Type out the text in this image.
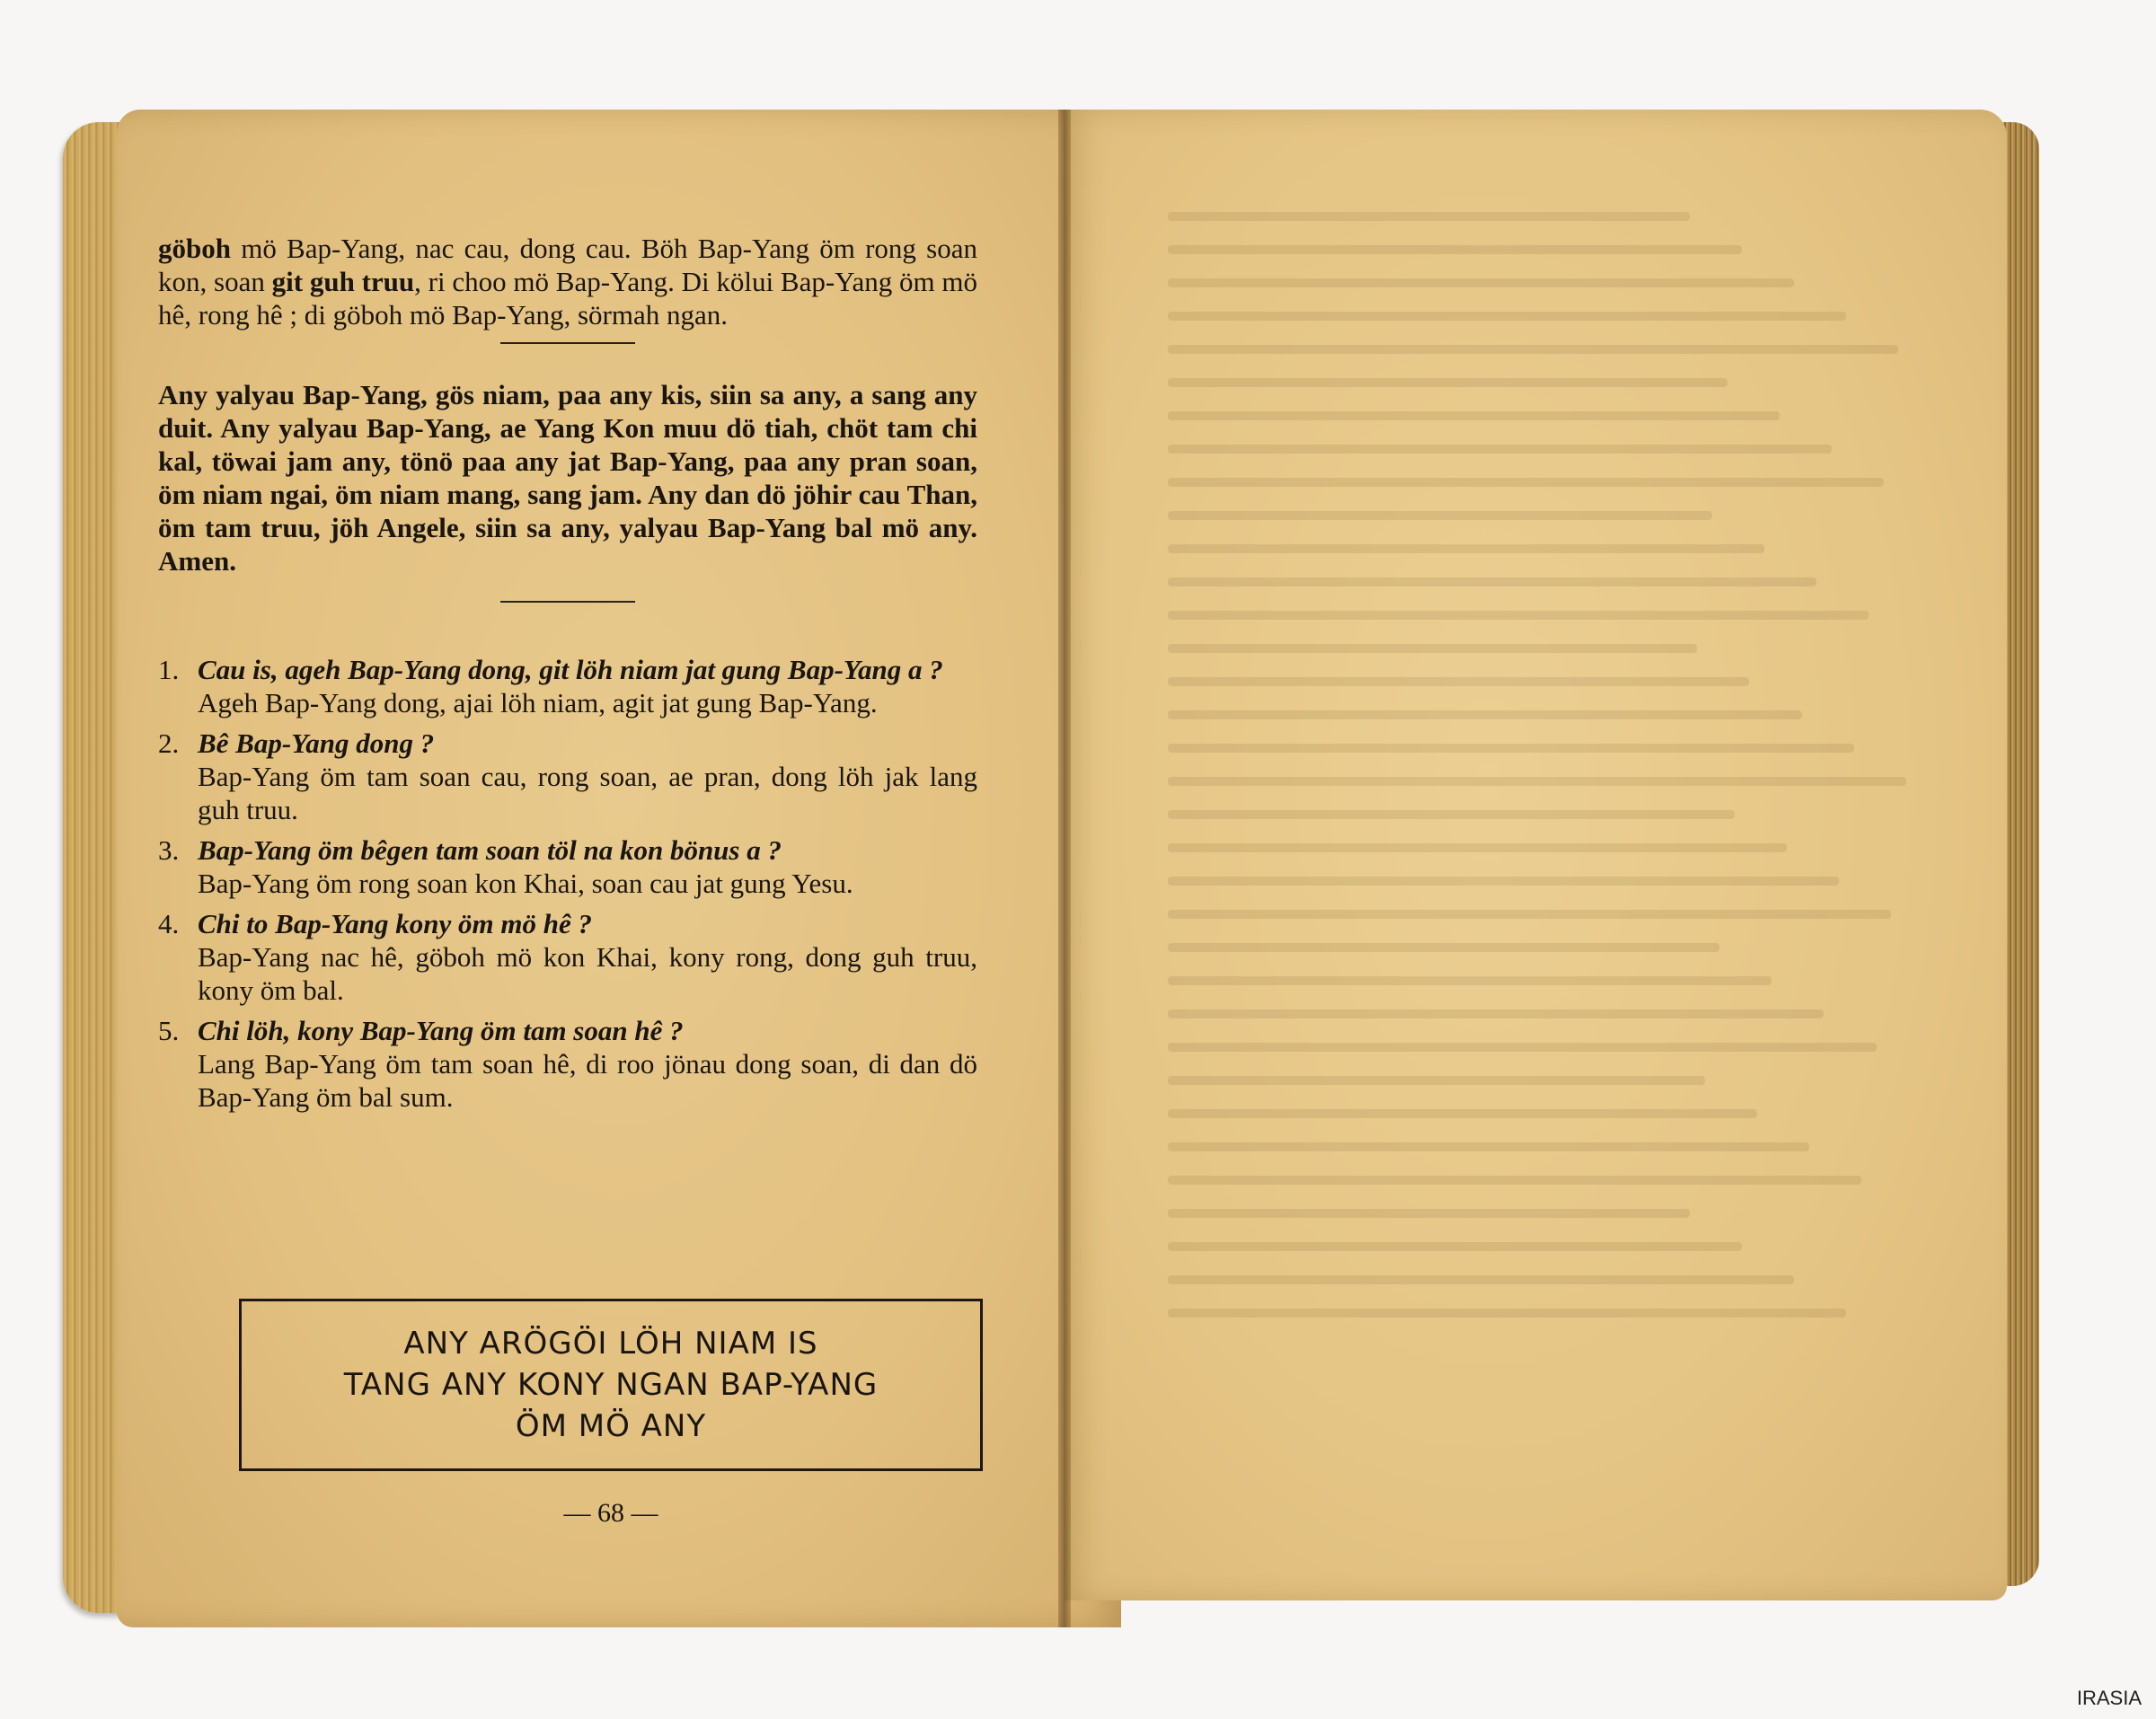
göboh mö Bap-Yang, nac cau, dong cau. Böh Bap-Yang öm rong soan kon, soan git guh truu, ri choo mö Bap-Yang. Di kölui Bap-Yang öm mö hê, rong hê ; di göboh mö Bap-Yang, sörmah ngan.

Any yalyau Bap-Yang, gös niam, paa any kis, siin sa any, a sang any duit. Any yalyau Bap-Yang, ae Yang Kon muu dö tiah, chöt tam chi kal, töwai jam any, tönö paa any jat Bap-Yang, paa any pran soan, öm niam ngai, öm niam mang, sang jam. Any dan dö jöhir cau Than, öm tam truu, jöh Angele, siin sa any, yalyau Bap-Yang bal mö any. Amen.

1. Cau is, ageh Bap-Yang dong, git löh niam jat gung Bap-Yang a ?
Ageh Bap-Yang dong, ajai löh niam, agit jat gung Bap-Yang.
2. Bê Bap-Yang dong ?
Bap-Yang öm tam soan cau, rong soan, ae pran, dong löh jak lang guh truu.
3. Bap-Yang öm bêgen tam soan töl na kon bönus a ?
Bap-Yang öm rong soan kon Khai, soan cau jat gung Yesu.
4. Chi to Bap-Yang kony öm mö hê ?
Bap-Yang nac hê, göboh mö kon Khai, kony rong, dong guh truu, kony öm bal.
5. Chi löh, kony Bap-Yang öm tam soan hê ?
Lang Bap-Yang öm tam soan hê, di roo jönau dong soan, di dan dö Bap-Yang öm bal sum.
ANY ARÖGÖI LÖH NIAM IS
TANG ANY KONY NGAN BAP-YANG
ÖM MÖ ANY
— 68 —
IRASIA
